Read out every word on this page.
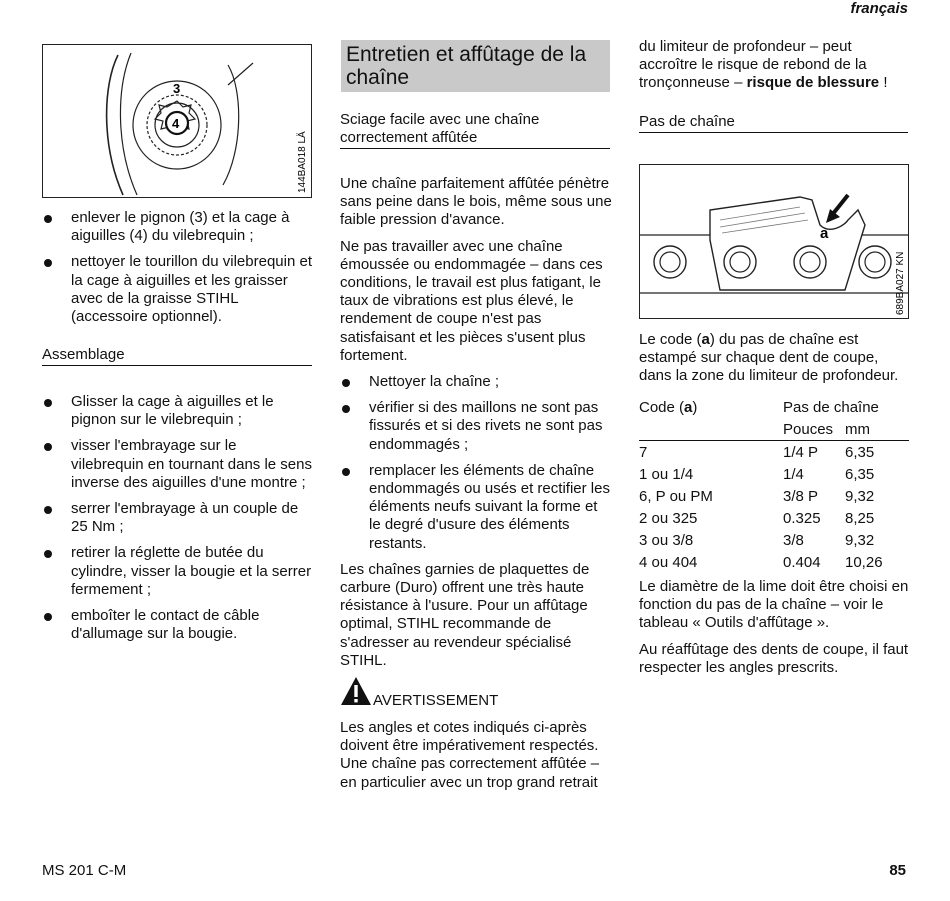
français
3
4
144BA018 LÄ
enlever le pignon (3) et la cage à aiguilles (4) du vilebrequin ;
nettoyer le tourillon du vilebrequin et la cage à aiguilles et les graisser avec de la graisse STIHL (accessoire optionnel).
Assemblage
Glisser la cage à aiguilles et le pignon sur le vilebrequin ;
visser l'embrayage sur le vilebrequin en tournant dans le sens inverse des aiguilles d'une montre ;
serrer l'embrayage à un couple de 25 Nm ;
retirer la réglette de butée du cylindre, visser la bougie et la serrer fermement ;
emboîter le contact de câble d'allumage sur la bougie.
Entretien et affûtage de la chaîne
Sciage facile avec une chaîne correctement affûtée

Une chaîne parfaitement affûtée pénètre sans peine dans le bois, même sous une faible pression d'avance.

Ne pas travailler avec une chaîne émoussée ou endommagée – dans ces conditions, le travail est plus fatigant, le taux de vibrations est plus élevé, le rendement de coupe n'est pas satisfaisant et les pièces s'usent plus fortement.

Nettoyer la chaîne ;
vérifier si des maillons ne sont pas fissurés et si des rivets ne sont pas endommagés ;
remplacer les éléments de chaîne endommagés ou usés et rectifier les éléments neufs suivant la forme et le degré d'usure des éléments restants.

Les chaînes garnies de plaquettes de carbure (Duro) offrent une très haute résistance à l'usure. Pour un affûtage optimal, STIHL recommande de s'adresser au revendeur spécialisé STIHL.

AVERTISSEMENT
Les angles et cotes indiqués ci-après doivent être impérativement respectés. Une chaîne pas correctement affûtée – en particulier avec un trop grand retrait
du limiteur de profondeur – peut accroître le risque de rebond de la tronçonneuse – risque de blessure !
Pas de chaîne
a
689BA027 KN
Le code (a) du pas de chaîne est estampé sur chaque dent de coupe, dans la zone du limiteur de profondeur.
Code (a)	Pas de chaîne	
	Pouces	mm
7	1/4 P	6,35
1 ou 1/4	1/4	6,35
6, P ou PM	3/8 P	9,32
2 ou 325	0.325	8,25
3 ou 3/8	3/8	9,32
4 ou 404	0.404	10,26

Le diamètre de la lime doit être choisi en fonction du pas de la chaîne – voir le tableau « Outils d'affûtage ».

Au réaffûtage des dents de coupe, il faut respecter les angles prescrits.

MS 201 C-M	85
